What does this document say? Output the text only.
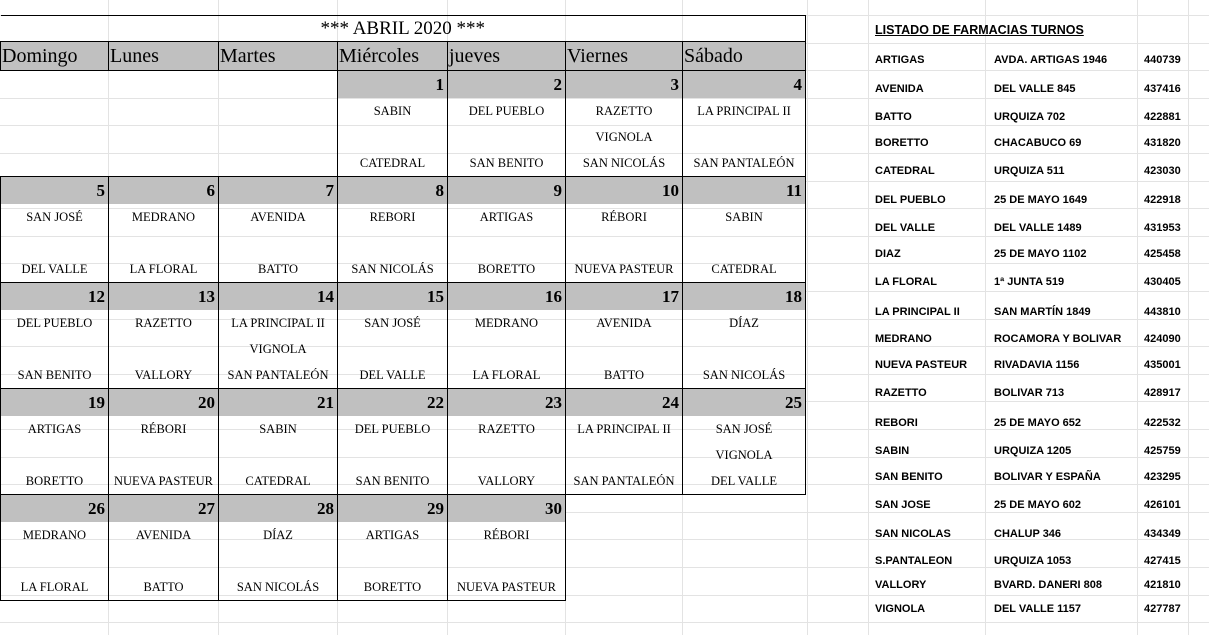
*** ABRIL 2020 ***						
Domingo	Lunes	Martes	Miércoles	jueves	Viernes	Sábado
			1	2	3	4
			SABIN	DEL PUEBLO	RAZETTO	LA PRINCIPAL II
					VIGNOLA	
			CATEDRAL	SAN BENITO	SAN NICOLÁS	SAN PANTALEÓN
5	6	7	8	9	10	11
SAN JOSÉ	MEDRANO	AVENIDA	REBORI	ARTIGAS	RÉBORI	SABIN

DEL VALLE	LA FLORAL	BATTO	SAN NICOLÁS	BORETTO	NUEVA PASTEUR	CATEDRAL
12	13	14	15	16	17	18
DEL PUEBLO	RAZETTO	LA PRINCIPAL II	SAN JOSÉ	MEDRANO	AVENIDA	DÍAZ
		VIGNOLA				
SAN BENITO	VALLORY	SAN PANTALEÓN	DEL VALLE	LA FLORAL	BATTO	SAN NICOLÁS
19	20	21	22	23	24	25
ARTIGAS	RÉBORI	SABIN	DEL PUEBLO	RAZETTO	LA PRINCIPAL II	SAN JOSÉ
						VIGNOLA
BORETTO	NUEVA PASTEUR	CATEDRAL	SAN BENITO	VALLORY	SAN PANTALEÓN	DEL VALLE
26	27	28	29	30		
MEDRANO	AVENIDA	DÍAZ	ARTIGAS	RÉBORI		

LA FLORAL	BATTO	SAN NICOLÁS	BORETTO	NUEVA PASTEUR		
LISTADO DE FARMACIAS TURNOS		
ARTIGAS	AVDA. ARTIGAS 1946	440739
AVENIDA	DEL VALLE 845	437416
BATTO	URQUIZA 702	422881
BORETTO	CHACABUCO 69	431820
CATEDRAL	URQUIZA 511	423030
DEL PUEBLO	25 DE MAYO 1649	422918
DEL VALLE	DEL VALLE 1489	431953
DIAZ	25 DE MAYO 1102	425458
LA FLORAL	1ª JUNTA 519	430405
LA PRINCIPAL II	SAN MARTÍN 1849	443810
MEDRANO	ROCAMORA Y BOLIVAR	424090
NUEVA PASTEUR	RIVADAVIA 1156	435001
RAZETTO	BOLIVAR 713	428917
REBORI	25 DE MAYO 652	422532
SABIN	URQUIZA 1205	425759
SAN BENITO	BOLIVAR Y ESPAÑA	423295
SAN JOSE	25 DE MAYO 602	426101
SAN NICOLAS	CHALUP 346	434349
S.PANTALEON	URQUIZA 1053	427415
VALLORY	BVARD. DANERI 808	421810
VIGNOLA	DEL VALLE 1157	427787
